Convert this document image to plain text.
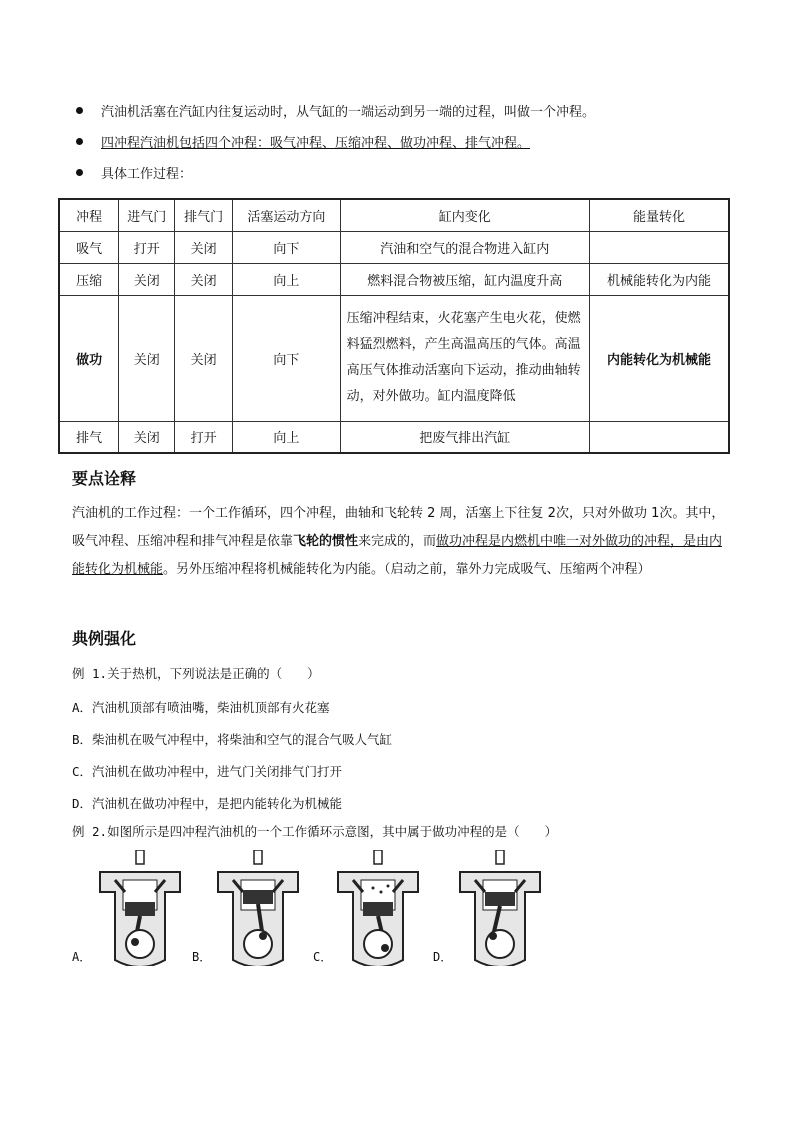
汽油机活塞在汽缸内往复运动时，从气缸的一端运动到另一端的过程，叫做一个冲程。
四冲程汽油机包括四个冲程：吸气冲程、压缩冲程、做功冲程、排气冲程。
具体工作过程：
冲程	进气门	排气门	活塞运动方向	缸内变化	能量转化
吸气	打开	关闭	向下	汽油和空气的混合物进入缸内	
压缩	关闭	关闭	向上	燃料混合物被压缩，缸内温度升高	机械能转化为内能
做功	关闭	关闭	向下	压缩冲程结束，火花塞产生电火花，使燃料猛烈燃料，产生高温高压的气体。高温高压气体推动活塞向下运动，推动曲轴转动，对外做功。缸内温度降低	内能转化为机械能
排气	关闭	打开	向上	把废气排出汽缸	
要点诠释
汽油机的工作过程：一个工作循环，四个冲程，曲轴和飞轮转 2 周，活塞上下往复 2次，只对外做功 1次。其中，吸气冲程、压缩冲程和排气冲程是依靠飞轮的惯性来完成的，而做功冲程是内燃机中唯一对外做功的冲程，是由内能转化为机械能。另外压缩冲程将机械能转化为内能。（启动之前，靠外力完成吸气、压缩两个冲程）
典例强化
例 1.关于热机，下列说法是正确的（　　）
A．汽油机顶部有喷油嘴，柴油机顶部有火花塞
B．柴油机在吸气冲程中，将柴油和空气的混合气吸人气缸
C．汽油机在做功冲程中，进气门关闭排气门打开
D．汽油机在做功冲程中，是把内能转化为机械能
例 2.如图所示是四冲程汽油机的一个工作循环示意图，其中属于做功冲程的是（　　）
A．	B．	C．	D．
